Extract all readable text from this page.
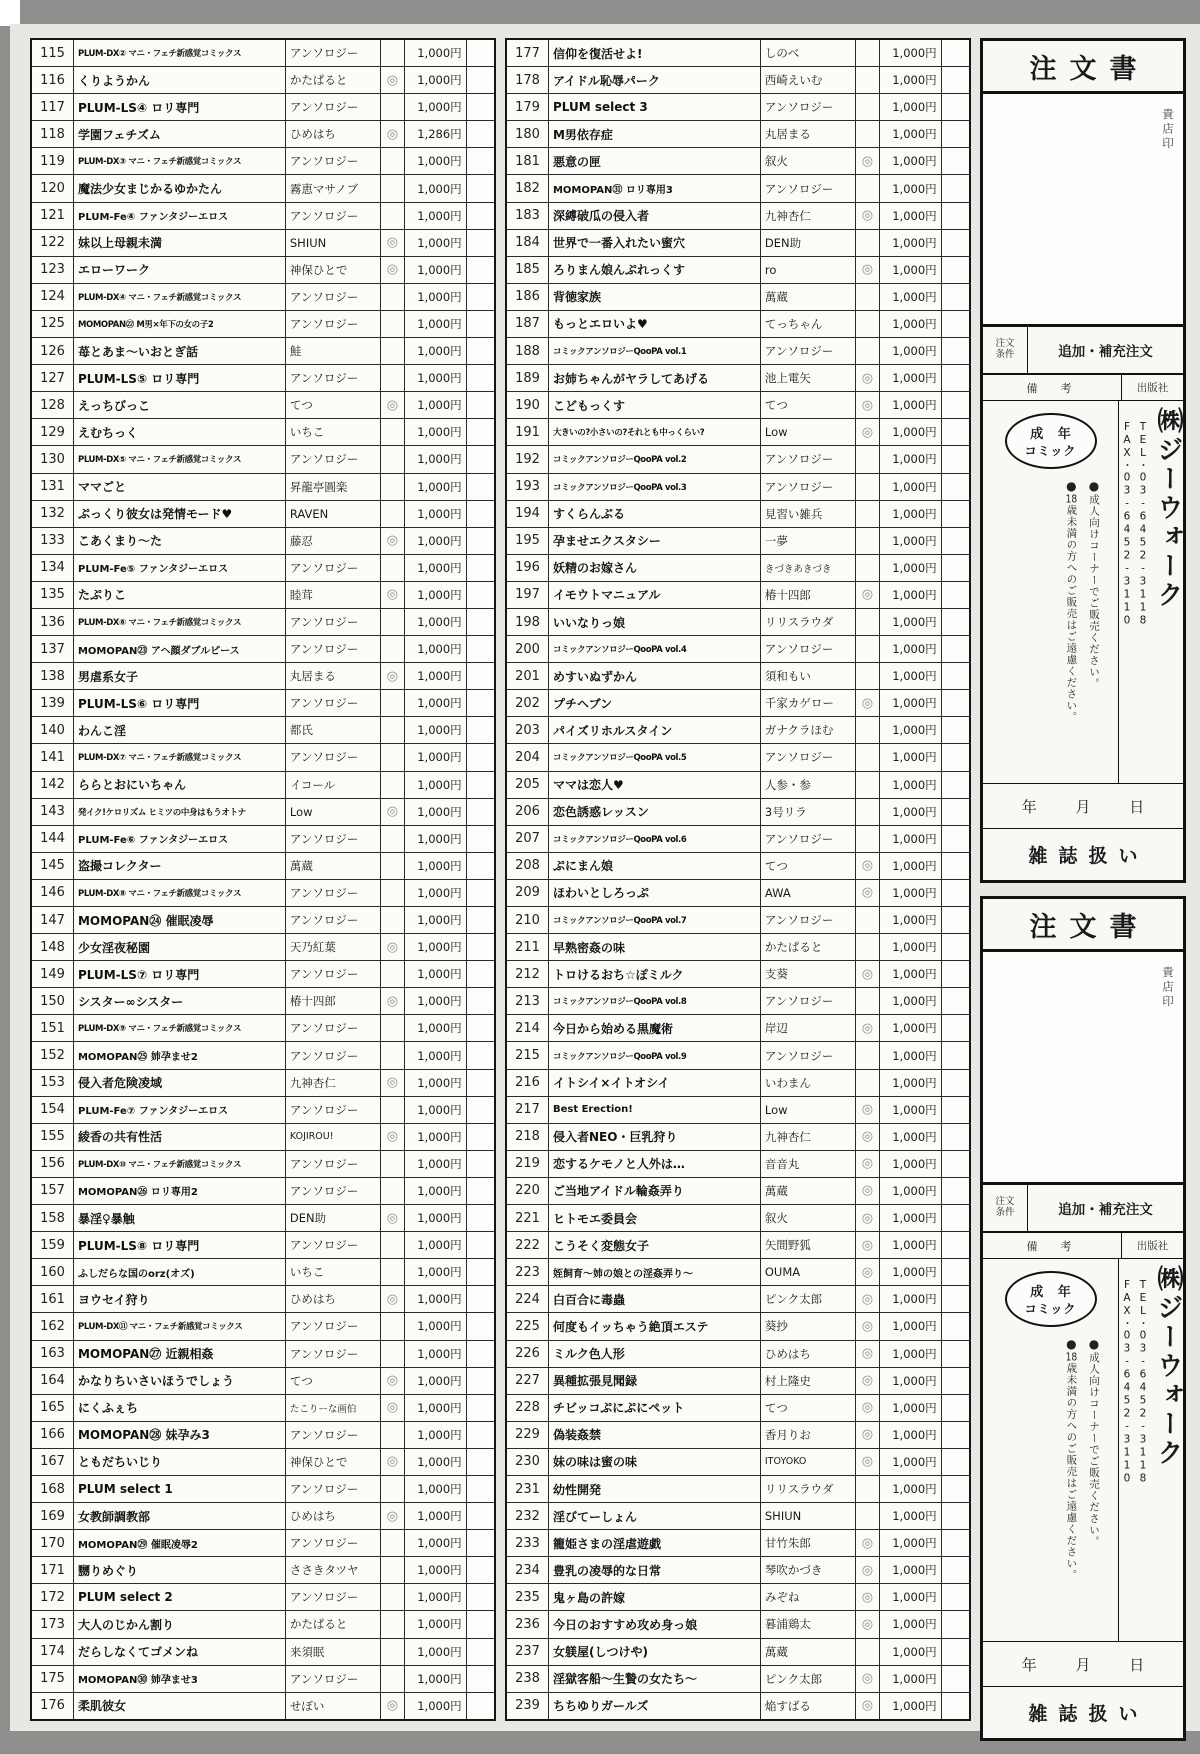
115	PLUM-DX② マニ・フェチ新感覚コミックス	アンソロジー	1,000円
116	くりようかん	かたぱると	◎	1,000円
117	PLUM-LS④ ロリ専門	アンソロジー	1,000円
118	学園フェチズム	ひめはち	◎	1,286円
119	PLUM-DX③ マニ・フェチ新感覚コミックス	アンソロジー	1,000円
120	魔法少女まじかるゆかたん	霧恵マサノブ	1,000円
121	PLUM-Fe④ ファンタジーエロス	アンソロジー	1,000円
122	妹以上母親未満	SHIUN	◎	1,000円
123	エローワーク	神保ひとで	◎	1,000円
124	PLUM-DX④ マニ・フェチ新感覚コミックス	アンソロジー	1,000円
125	MOMOPAN㉒ M男×年下の女の子2	アンソロジー	1,000円
126	苺とあま〜いおとぎ話	鮭	1,000円
127	PLUM-LS⑤ ロリ専門	アンソロジー	1,000円
128	えっちびっこ	てつ	◎	1,000円
129	えむちっく	いちこ	1,000円
130	PLUM-DX⑤ マニ・フェチ新感覚コミックス	アンソロジー	1,000円
131	ママごと	昇龍亭圓楽	1,000円
132	ぷっくり彼女は発情モード♥	RAVEN	1,000円
133	こあくまり〜た	藤忍	◎	1,000円
134	PLUM-Fe⑤ ファンタジーエロス	アンソロジー	1,000円
135	たぷりこ	睦茸	◎	1,000円
136	PLUM-DX⑥ マニ・フェチ新感覚コミックス	アンソロジー	1,000円
137	MOMOPAN㉓ アヘ顔ダブルピース	アンソロジー	1,000円
138	男虐系女子	丸居まる	◎	1,000円
139	PLUM-LS⑥ ロリ専門	アンソロジー	1,000円
140	わんこ淫	都氏	1,000円
141	PLUM-DX⑦ マニ・フェチ新感覚コミックス	アンソロジー	1,000円
142	ららとおにいちゃん	イコール	1,000円
143	発イク!ケロリズム ヒミツの中身はもうオトナ	Low	◎	1,000円
144	PLUM-Fe⑥ ファンタジーエロス	アンソロジー	1,000円
145	盗撮コレクター	萬蔵	1,000円
146	PLUM-DX⑧ マニ・フェチ新感覚コミックス	アンソロジー	1,000円
147	MOMOPAN㉔ 催眠凌辱	アンソロジー	1,000円
148	少女淫夜秘園	天乃紅葉	◎	1,000円
149	PLUM-LS⑦ ロリ専門	アンソロジー	1,000円
150	シスター∞シスター	椿十四郎	◎	1,000円
151	PLUM-DX⑨ マニ・フェチ新感覚コミックス	アンソロジー	1,000円
152	MOMOPAN㉕ 姉孕ませ2	アンソロジー	1,000円
153	侵入者危険凌域	九神杏仁	◎	1,000円
154	PLUM-Fe⑦ ファンタジーエロス	アンソロジー	1,000円
155	綾香の共有性活	KOJIROU!	◎	1,000円
156	PLUM-DX⑩ マニ・フェチ新感覚コミックス	アンソロジー	1,000円
157	MOMOPAN㉖ ロリ専用2	アンソロジー	1,000円
158	暴淫♀暴触	DEN助	◎	1,000円
159	PLUM-LS⑧ ロリ専門	アンソロジー	1,000円
160	ふしだらな国のorz(オズ)	いちこ	1,000円
161	ヨウセイ狩り	ひめはち	◎	1,000円
162	PLUM-DX⑪ マニ・フェチ新感覚コミックス	アンソロジー	1,000円
163	MOMOPAN㉗ 近親相姦	アンソロジー	1,000円
164	かなりちいさいほうでしょう	てつ	◎	1,000円
165	にくふぇち	たこりーな画伯	◎	1,000円
166	MOMOPAN㉘ 妹孕み3	アンソロジー	1,000円
167	ともだちいじり	神保ひとで	◎	1,000円
168	PLUM select 1	アンソロジー	1,000円
169	女教師調教部	ひめはち	◎	1,000円
170	MOMOPAN㉙ 催眠凌辱2	アンソロジー	1,000円
171	嬲りめぐり	ささきタツヤ	1,000円
172	PLUM select 2	アンソロジー	1,000円
173	大人のじかん割り	かたぱると	1,000円
174	だらしなくてゴメンね	来須眠	1,000円
175	MOMOPAN㉚ 姉孕ませ3	アンソロジー	1,000円
176	柔肌彼女	せぼい	◎	1,000円
177	信仰を復活せよ!	しのべ	1,000円
178	アイドル恥辱パーク	西崎えいむ	1,000円
179	PLUM select 3	アンソロジー	1,000円
180	M男依存症	丸居まる	1,000円
181	悪意の匣	叙火	◎	1,000円
182	MOMOPAN㉛ ロリ専用3	アンソロジー	1,000円
183	深縛破瓜の侵入者	九神杏仁	◎	1,000円
184	世界で一番入れたい蜜穴	DEN助	1,000円
185	ろりまん娘んぷれっくす	ro	◎	1,000円
186	背徳家族	萬蔵	1,000円
187	もっとエロいよ♥	てっちゃん	1,000円
188	コミックアンソロジーQooPA vol.1	アンソロジー	1,000円
189	お姉ちゃんがヤラしてあげる	池上電矢	◎	1,000円
190	こどもっくす	てつ	◎	1,000円
191	大きいの?小さいの?それとも中っくらい?	Low	◎	1,000円
192	コミックアンソロジーQooPA vol.2	アンソロジー	1,000円
193	コミックアンソロジーQooPA vol.3	アンソロジー	1,000円
194	すくらんぶる	見習い雑兵	1,000円
195	孕ませエクスタシー	一夢	1,000円
196	妖精のお嫁さん	きづきあきづき	1,000円
197	イモウトマニュアル	椿十四郎	◎	1,000円
198	いいなりっ娘	リリスラウダ	1,000円
200	コミックアンソロジーQooPA vol.4	アンソロジー	1,000円
201	めすいぬずかん	須和もい	1,000円
202	プチヘブン	千家カゲロー	◎	1,000円
203	パイズリホルスタイン	ガナクラほむ	1,000円
204	コミックアンソロジーQooPA vol.5	アンソロジー	1,000円
205	ママは恋人♥	人参・参	1,000円
206	恋色誘惑レッスン	3号リラ	1,000円
207	コミックアンソロジーQooPA vol.6	アンソロジー	1,000円
208	ぷにまん娘	てつ	◎	1,000円
209	ほわいとしろっぷ	AWA	◎	1,000円
210	コミックアンソロジーQooPA vol.7	アンソロジー	1,000円
211	早熟密姦の味	かたぱると	1,000円
212	トロけるおち☆ぽミルク	支葵	◎	1,000円
213	コミックアンソロジーQooPA vol.8	アンソロジー	1,000円
214	今日から始める黒魔術	岸辺	◎	1,000円
215	コミックアンソロジーQooPA vol.9	アンソロジー	1,000円
216	イトシイ×イトオシイ	いわまん	1,000円
217	Best Erection!	Low	◎	1,000円
218	侵入者NEO・巨乳狩り	九神杏仁	◎	1,000円
219	恋するケモノと人外は…	音音丸	◎	1,000円
220	ご当地アイドル輪姦弄り	萬蔵	◎	1,000円
221	ヒトモエ委員会	叙火	◎	1,000円
222	こうそく変態女子	矢間野狐	◎	1,000円
223	姪飼育〜姉の娘との淫姦弄り〜	OUMA	◎	1,000円
224	白百合に毒蟲	ピンク太郎	◎	1,000円
225	何度もイッちゃう絶頂エステ	葵抄	◎	1,000円
226	ミルク色人形	ひめはち	◎	1,000円
227	異種拡張見聞録	村上隆史	◎	1,000円
228	チビッコぷにぷにペット	てつ	◎	1,000円
229	偽装姦禁	香月りお	◎	1,000円
230	妹の味は蜜の味	ITOYOKO	◎	1,000円
231	幼性開発	リリスラウダ	1,000円
232	淫びてーしょん	SHIUN	1,000円
233	籠姫さまの淫虐遊戯	甘竹朱郎	◎	1,000円
234	豊乳の凌辱的な日常	琴吹かづき	◎	1,000円
235	鬼ヶ島の許嫁	みぞね	◎	1,000円
236	今日のおすすめ攻め身っ娘	暮浦鶏太	◎	1,000円
237	女躾屋(しつけや)	萬蔵	1,000円
238	淫獄客船〜生贄の女たち〜	ピンク太郎	◎	1,000円
239	ちちゆりガールズ	焔すばる	◎	1,000円
注文書
貴店印
注文
条件	追加・補充注文
備　考	出版社
成 年
コミック
●成人向けコーナーでご販売ください。
●18歳未満の方へのご販売はご遠慮ください。	㈱ジーウォーク
TEL・03-6452-3118
FAX・03-6452-3110
年	月	日
雑誌扱い
注文書
貴店印
注文
条件	追加・補充注文
備　考	出版社
成 年
コミック
●成人向けコーナーでご販売ください。
●18歳未満の方へのご販売はご遠慮ください。	㈱ジーウォーク
TEL・03-6452-3118
FAX・03-6452-3110
年	月	日
雑誌扱い
